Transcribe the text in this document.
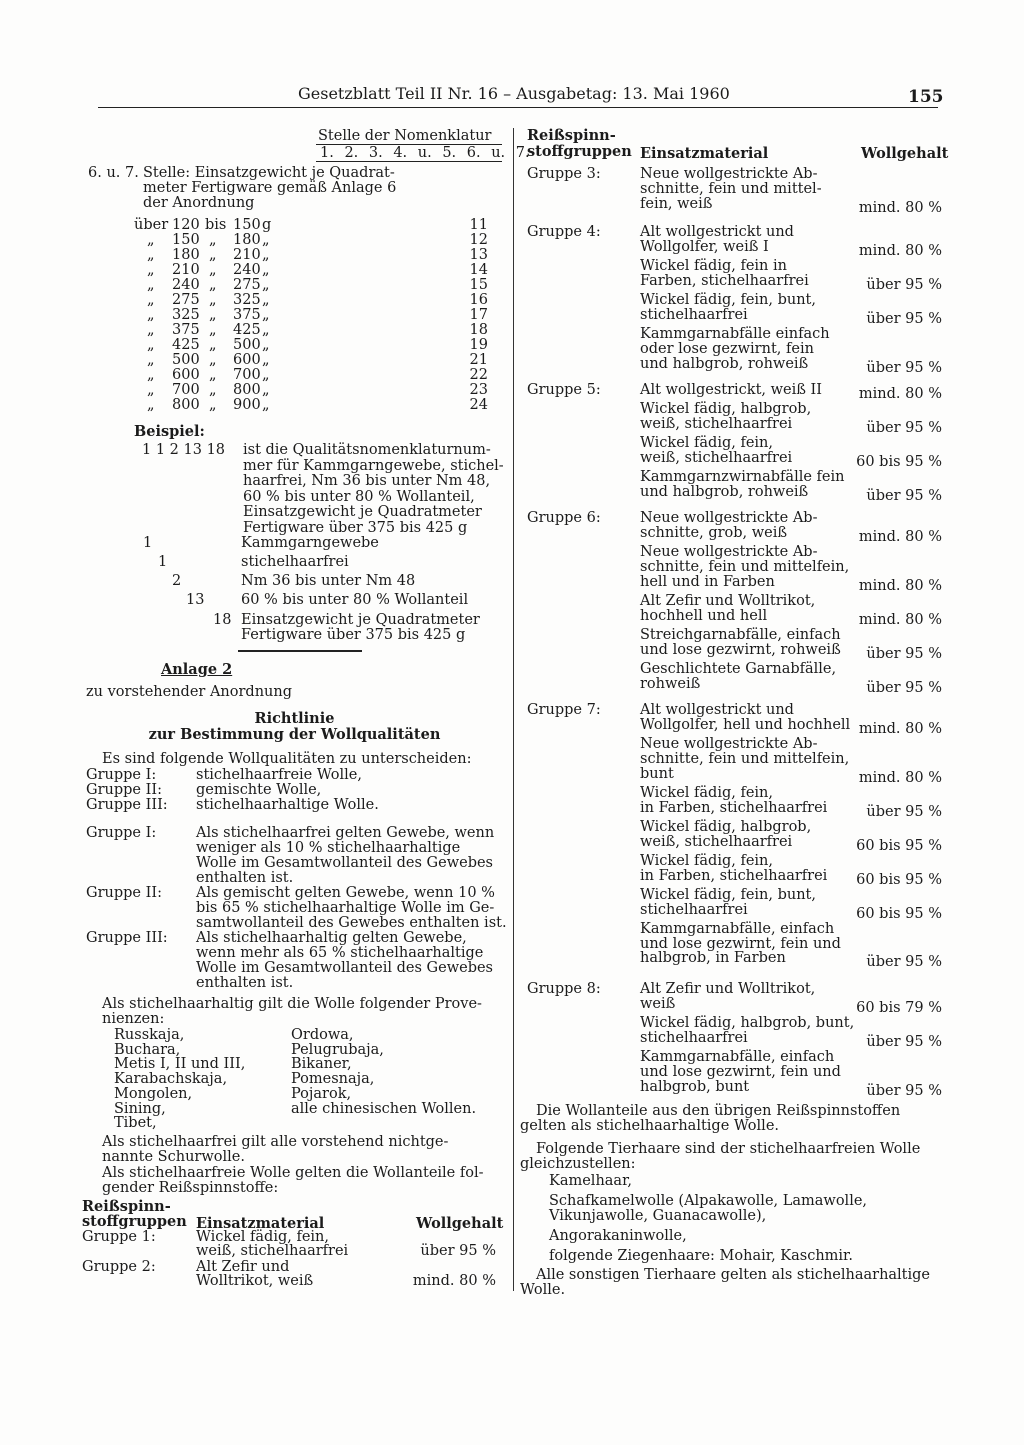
Gesetzblatt Teil II Nr. 16 – Ausgabetag: 13. Mai 1960	155
Stelle der Nomenklatur
1. 2. 3. 4. u. 5. 6. u. 7.
6. u. 7. Stelle: Einsatzgewicht je Quadrat-
meter Fertigware gemäß Anlage 6
der Anordnung
über 120 bis 150 g	11
„ 150 „ 180 „	12
„ 180 „ 210 „	13
„ 210 „ 240 „	14
„ 240 „ 275 „	15
„ 275 „ 325 „	16
„ 325 „ 375 „	17
„ 375 „ 425 „	18
„ 425 „ 500 „	19
„ 500 „ 600 „	21
„ 600 „ 700 „	22
„ 700 „ 800 „	23
„ 800 „ 900 „	24
Beispiel:
1 1 2 13 18 ist die Qualitätsnomenklaturnum-
mer für Kammgarngewebe, stichel-
haarfrei, Nm 36 bis unter Nm 48,
60 % bis unter 80 % Wollanteil,
Einsatzgewicht je Quadratmeter
Fertigware über 375 bis 425 g
1	Kammgarngewebe
1	stichelhaarfrei
2	Nm 36 bis unter Nm 48
13	60 % bis unter 80 % Wollanteil
18 Einsatzgewicht je Quadratmeter
Fertigware über 375 bis 425 g
Anlage 2
zu vorstehender Anordnung
Richtlinie
zur Bestimmung der Wollqualitäten
Es sind folgende Wollqualitäten zu unterscheiden:
Gruppe I:	stichelhaarfreie Wolle,
Gruppe II: gemischte Wolle,
Gruppe III: stichelhaarhaltige Wolle.
Gruppe I:	Als stichelhaarfrei gelten Gewebe, wenn
weniger als 10 % stichelhaarhaltige
Wolle im Gesamtwollanteil des Gewebes
enthalten ist.
Gruppe II: Als gemischt gelten Gewebe, wenn 10 %
bis 65 % stichelhaarhaltige Wolle im Ge-
samtwollanteil des Gewebes enthalten ist.
Gruppe III: Als stichelhaarhaltig gelten Gewebe,
wenn mehr als 65 % stichelhaarhaltige
Wolle im Gesamtwollanteil des Gewebes
enthalten ist.
Als stichelhaarhaltig gilt die Wolle folgender Prove-
nienzen:
Russkaja,
Buchara,
Metis I, II und III,
Karabachskaja,
Mongolen,
Sining,
Tibet,
Ordowa,
Pelugrubaja,
Bikaner,
Pomesnaja,
Pojarok,
alle chinesischen Wollen.
Als stichelhaarfrei gilt alle vorstehend nichtge-
nannte Schurwolle.
Als stichelhaarfreie Wolle gelten die Wollanteile fol-
gender Reißspinnstoffe:
Reißspinn-
stoffgruppen Einsatzmaterial	Wollgehalt
Gruppe 1:	Wickel fädig, fein,
weiß, stichelhaarfrei	über 95 %
Gruppe 2:	Alt Zefir und
Wolltrikot, weiß	mind. 80 %
Reißspinn-
stoffgruppen Einsatzmaterial	Wollgehalt
Gruppe 3:	Neue wollgestrickte Ab-
schnitte, fein und mittel-
fein, weiß	mind. 80 %
Gruppe 4:	Alt wollgestrickt und
Wollgolfer, weiß I	mind. 80 %
Wickel fädig, fein in
Farben, stichelhaarfrei	über 95 %
Wickel fädig, fein, bunt,
stichelhaarfrei	über 95 %
Kammgarnabfälle einfach
oder lose gezwirnt, fein
und halbgrob, rohweiß	über 95 %
Gruppe 5:	Alt wollgestrickt, weiß II	mind. 80 %
Wickel fädig, halbgrob,
weiß, stichelhaarfrei	über 95 %
Wickel fädig, fein,
weiß, stichelhaarfrei	60 bis 95 %
Kammgarnzwirnabfälle fein
und halbgrob, rohweiß	über 95 %
Gruppe 6:	Neue wollgestrickte Ab-
schnitte, grob, weiß	mind. 80 %
Neue wollgestrickte Ab-
schnitte, fein und mittelfein,
hell und in Farben	mind. 80 %
Alt Zefir und Wolltrikot,
hochhell und hell	mind. 80 %
Streichgarnabfälle, einfach
und lose gezwirnt, rohweiß	über 95 %
Geschlichtete Garnabfälle,
rohweiß	über 95 %
Gruppe 7:	Alt wollgestrickt und
Wollgolfer, hell und hochhell mind. 80 %
Neue wollgestrickte Ab-
schnitte, fein und mittelfein,
bunt	mind. 80 %
Wickel fädig, fein,
in Farben, stichelhaarfrei	über 95 %
Wickel fädig, halbgrob,
weiß, stichelhaarfrei	60 bis 95 %
Wickel fädig, fein,
in Farben, stichelhaarfrei	60 bis 95 %
Wickel fädig, fein, bunt,
stichelhaarfrei	60 bis 95 %
Kammgarnabfälle, einfach
und lose gezwirnt, fein und
halbgrob, in Farben	über 95 %
Gruppe 8:	Alt Zefir und Wolltrikot,
weiß	60 bis 79 %
Wickel fädig, halbgrob, bunt,
stichelhaarfrei	über 95 %
Kammgarnabfälle, einfach
und lose gezwirnt, fein und
halbgrob, bunt	über 95 %
Die Wollanteile aus den übrigen Reißspinnstoffen
gelten als stichelhaarhaltige Wolle.
Folgende Tierhaare sind der stichelhaarfreien Wolle
gleichzustellen:
Kamelhaar,
Schafkamelwolle (Alpakawolle, Lamawolle,
Vikunjawolle, Guanacawolle),
Angorakaninwolle,
folgende Ziegenhaare: Mohair, Kaschmir.
Alle sonstigen Tierhaare gelten als stichelhaarhaltige
Wolle.
